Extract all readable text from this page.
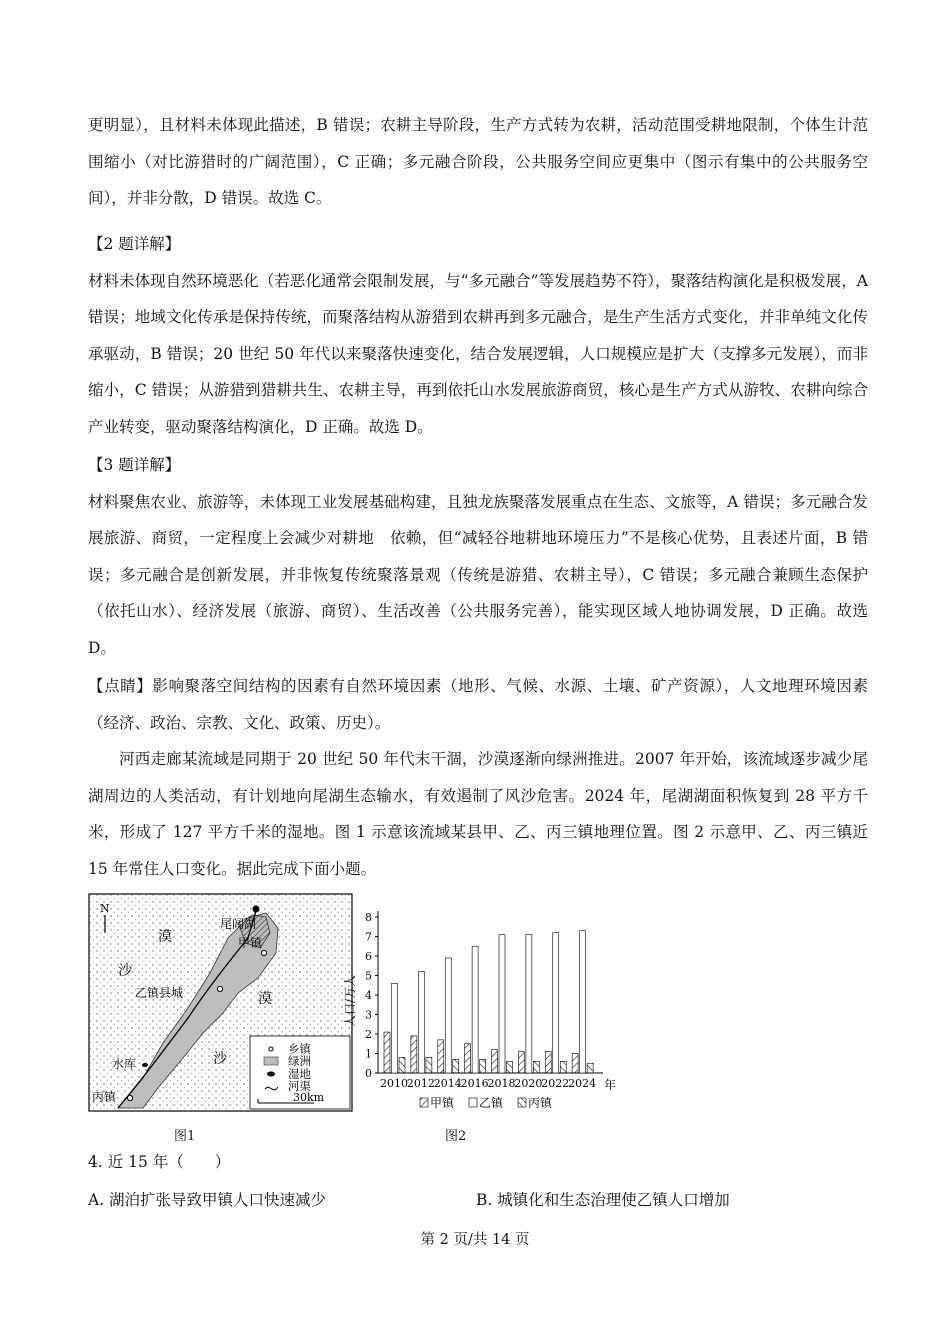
更明显），且材料未体现此描述，B 错误；农耕主导阶段，生产方式转为农耕，活动范围受耕地限制，个体生计范围缩小（对比游猎时的广阔范围），C 正确；多元融合阶段，公共服务空间应更集中（图示有集中的公共服务空间），并非分散，D 错误。故选 C。

【2 题详解】

材料未体现自然环境恶化（若恶化通常会限制发展，与“多元融合”等发展趋势不符），聚落结构演化是积极发展，A 错误；地域文化传承是保持传统，而聚落结构从游猎到农耕再到多元融合，是生产生活方式变化，并非单纯文化传承驱动，B 错误；20 世纪 50 年代以来聚落快速变化，结合发展逻辑，人口规模应是扩大（支撑多元发展），而非缩小，C 错误；从游猎到猎耕共生、农耕主导，再到依托山水发展旅游商贸，核心是生产方式从游牧、农耕向综合产业转变，驱动聚落结构演化，D 正确。故选 D。

【3 题详解】

材料聚焦农业、旅游等，未体现工业发展基础构建，且独龙族聚落发展重点在生态、文旅等，A 错误；多元融合发展旅游、商贸，一定程度上会减少对耕地　依赖，但“减轻谷地耕地环境压力”不是核心优势，且表述片面，B 错误；多元融合是创新发展，并非恢复传统聚落景观（传统是游猎、农耕主导），C 错误；多元融合兼顾生态保护（依托山水）、经济发展（旅游、商贸）、生活改善（公共服务完善），能实现区域人地协调发展，D 正确。故选 D。

【点睛】影响聚落空间结构的因素有自然环境因素（地形、气候、水源、土壤、矿产资源），人文地理环境因素（经济、政治、宗教、文化、政策、历史）。

河西走廊某流域是同期于 20 世纪 50 年代末干涸，沙漠逐渐向绿洲推进。2007 年开始，该流域逐步减少尾湖周边的人类活动，有计划地向尾湖生态输水，有效遏制了风沙危害。2024 年，尾湖湖面积恢复到 28 平方千米，形成了 127 平方千米的湿地。图 1 示意该流域某县甲、乙、丙三镇地理位置。图 2 示意甲、乙、丙三镇近 15 年常住人口变化。据此完成下面小题。

N
尾闾湖
甲镇
乙镇县城
水库
丙镇
漠
漠
沙
沙
乡镇
绿洲
湿地
河渠
30km
图1
0
1
2
3
4
5
6
7
8
2010
2012
2014
2016
2018
2020
2022
2024
人口/万人
年
甲镇 乙镇 丙镇
图2
4. 近 15 年（　　）
A. 湖泊扩张导致甲镇人口快速减少	B. 城镇化和生态治理使乙镇人口增加
第 2 页/共 14 页
